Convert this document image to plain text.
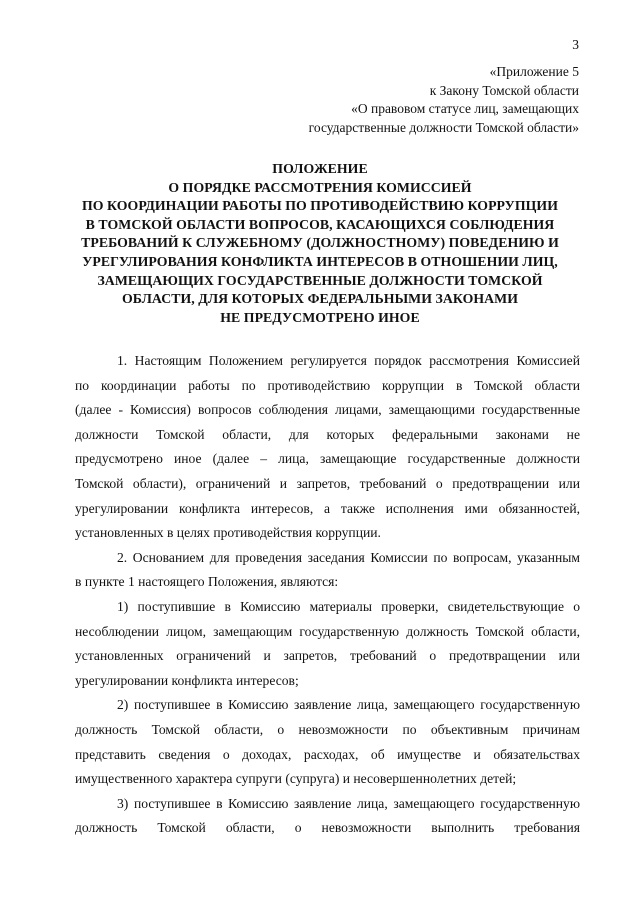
3
«Приложение 5
к Закону Томской области
«О правовом статусе лиц, замещающих
государственные должности Томской области»
ПОЛОЖЕНИЕ
О ПОРЯДКЕ РАССМОТРЕНИЯ КОМИССИЕЙ
ПО КООРДИНАЦИИ РАБОТЫ ПО ПРОТИВОДЕЙСТВИЮ КОРРУПЦИИ
В ТОМСКОЙ ОБЛАСТИ ВОПРОСОВ, КАСАЮЩИХСЯ СОБЛЮДЕНИЯ
ТРЕБОВАНИЙ К СЛУЖЕБНОМУ (ДОЛЖНОСТНОМУ) ПОВЕДЕНИЮ И
УРЕГУЛИРОВАНИЯ КОНФЛИКТА ИНТЕРЕСОВ В ОТНОШЕНИИ ЛИЦ,
ЗАМЕЩАЮЩИХ ГОСУДАРСТВЕННЫЕ ДОЛЖНОСТИ ТОМСКОЙ
ОБЛАСТИ, ДЛЯ КОТОРЫХ ФЕДЕРАЛЬНЫМИ ЗАКОНАМИ
НЕ ПРЕДУСМОТРЕНО ИНОЕ
1. Настоящим Положением регулируется порядок рассмотрения Комиссией
по координации работы по противодействию коррупции в Томской области
(далее - Комиссия) вопросов соблюдения лицами, замещающими государственные
должности Томской области, для которых федеральными законами не
предусмотрено иное (далее – лица, замещающие государственные должности
Томской области), ограничений и запретов, требований о предотвращении или
урегулировании конфликта интересов, а также исполнения ими обязанностей,
установленных в целях противодействия коррупции.
2. Основанием для проведения заседания Комиссии по вопросам, указанным
в пункте 1 настоящего Положения, являются:
1) поступившие в Комиссию материалы проверки, свидетельствующие о
несоблюдении лицом, замещающим государственную должность Томской области,
установленных ограничений и запретов, требований о предотвращении или
урегулировании конфликта интересов;
2) поступившее в Комиссию заявление лица, замещающего государственную
должность Томской области, о невозможности по объективным причинам
представить сведения о доходах, расходах, об имуществе и обязательствах
имущественного характера супруги (супруга) и несовершеннолетних детей;
3) поступившее в Комиссию заявление лица, замещающего государственную
должность Томской области, о невозможности выполнить требования
